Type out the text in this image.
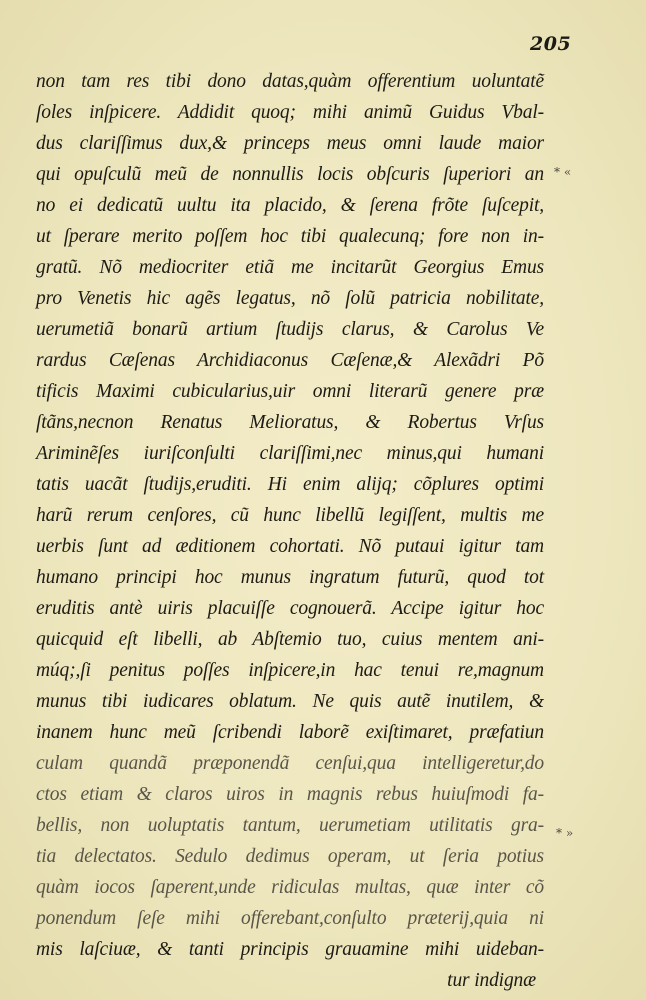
205
non tam res tibi dono datas,quàm offerentium uoluntatẽ
ſoles inſpicere. Addidit quoq; mihi animũ Guidus Vbal-
dus clariſſimus dux,& princeps meus omni laude maior
qui opuſculũ meũ de nonnullis locis obſcuris ſuperiori an
no ei dedicatũ uultu ita placido, & ſerena frõte ſuſcepit,
ut ſperare merito poſſem hoc tibi qualecunq; fore non in-
gratũ. Nõ mediocriter etiã me incitarũt Georgius Emus
pro Venetis hic agẽs legatus, nõ ſolũ patricia nobilitate,
uerumetiã bonarũ artium ſtudijs clarus, & Carolus Ve
rardus Cæſenas Archidiaconus Cæſenæ,& Alexãdri Põ
tificis Maximi cubicularius,uir omni literarũ genere præ
ſtãns,necnon Renatus Melioratus, & Robertus Vrſus
Ariminẽſes iuriſconſulti clariſſimi,nec minus,qui humani
tatis uacãt ſtudijs,eruditi. Hi enim alijq; cõplures optimi
harũ rerum cenſores, cũ hunc libellũ legiſſent, multis me
uerbis ſunt ad æditionem cohortati. Nõ putaui igitur tam
humano principi hoc munus ingratum futurũ, quod tot
eruditis antè uiris placuiſſe cognouerã. Accipe igitur hoc
quicquid eſt libelli, ab Abſtemio tuo, cuius mentem ani-
múq;,ſi penitus poſſes inſpicere,in hac tenui re,magnum
munus tibi iudicares oblatum. Ne quis autẽ inutilem, &
inanem hunc meũ ſcribendi laborẽ exiſtimaret, præfatiun
culam quandã præponendã cenſui,qua intelligeretur,do
ctos etiam & claros uiros in magnis rebus huiuſmodi fa-
bellis, non uoluptatis tantum, uerumetiam utilitatis gra-
tia delectatos. Sedulo dedimus operam, ut ſeria potius
quàm iocos ſaperent,unde ridiculas multas, quæ inter cõ
ponendum ſeſe mihi offerebant,conſulto præterij,quia ni
mis laſciuæ, & tanti principis grauamine mihi uideban-
tur indignæ
* «
* »
